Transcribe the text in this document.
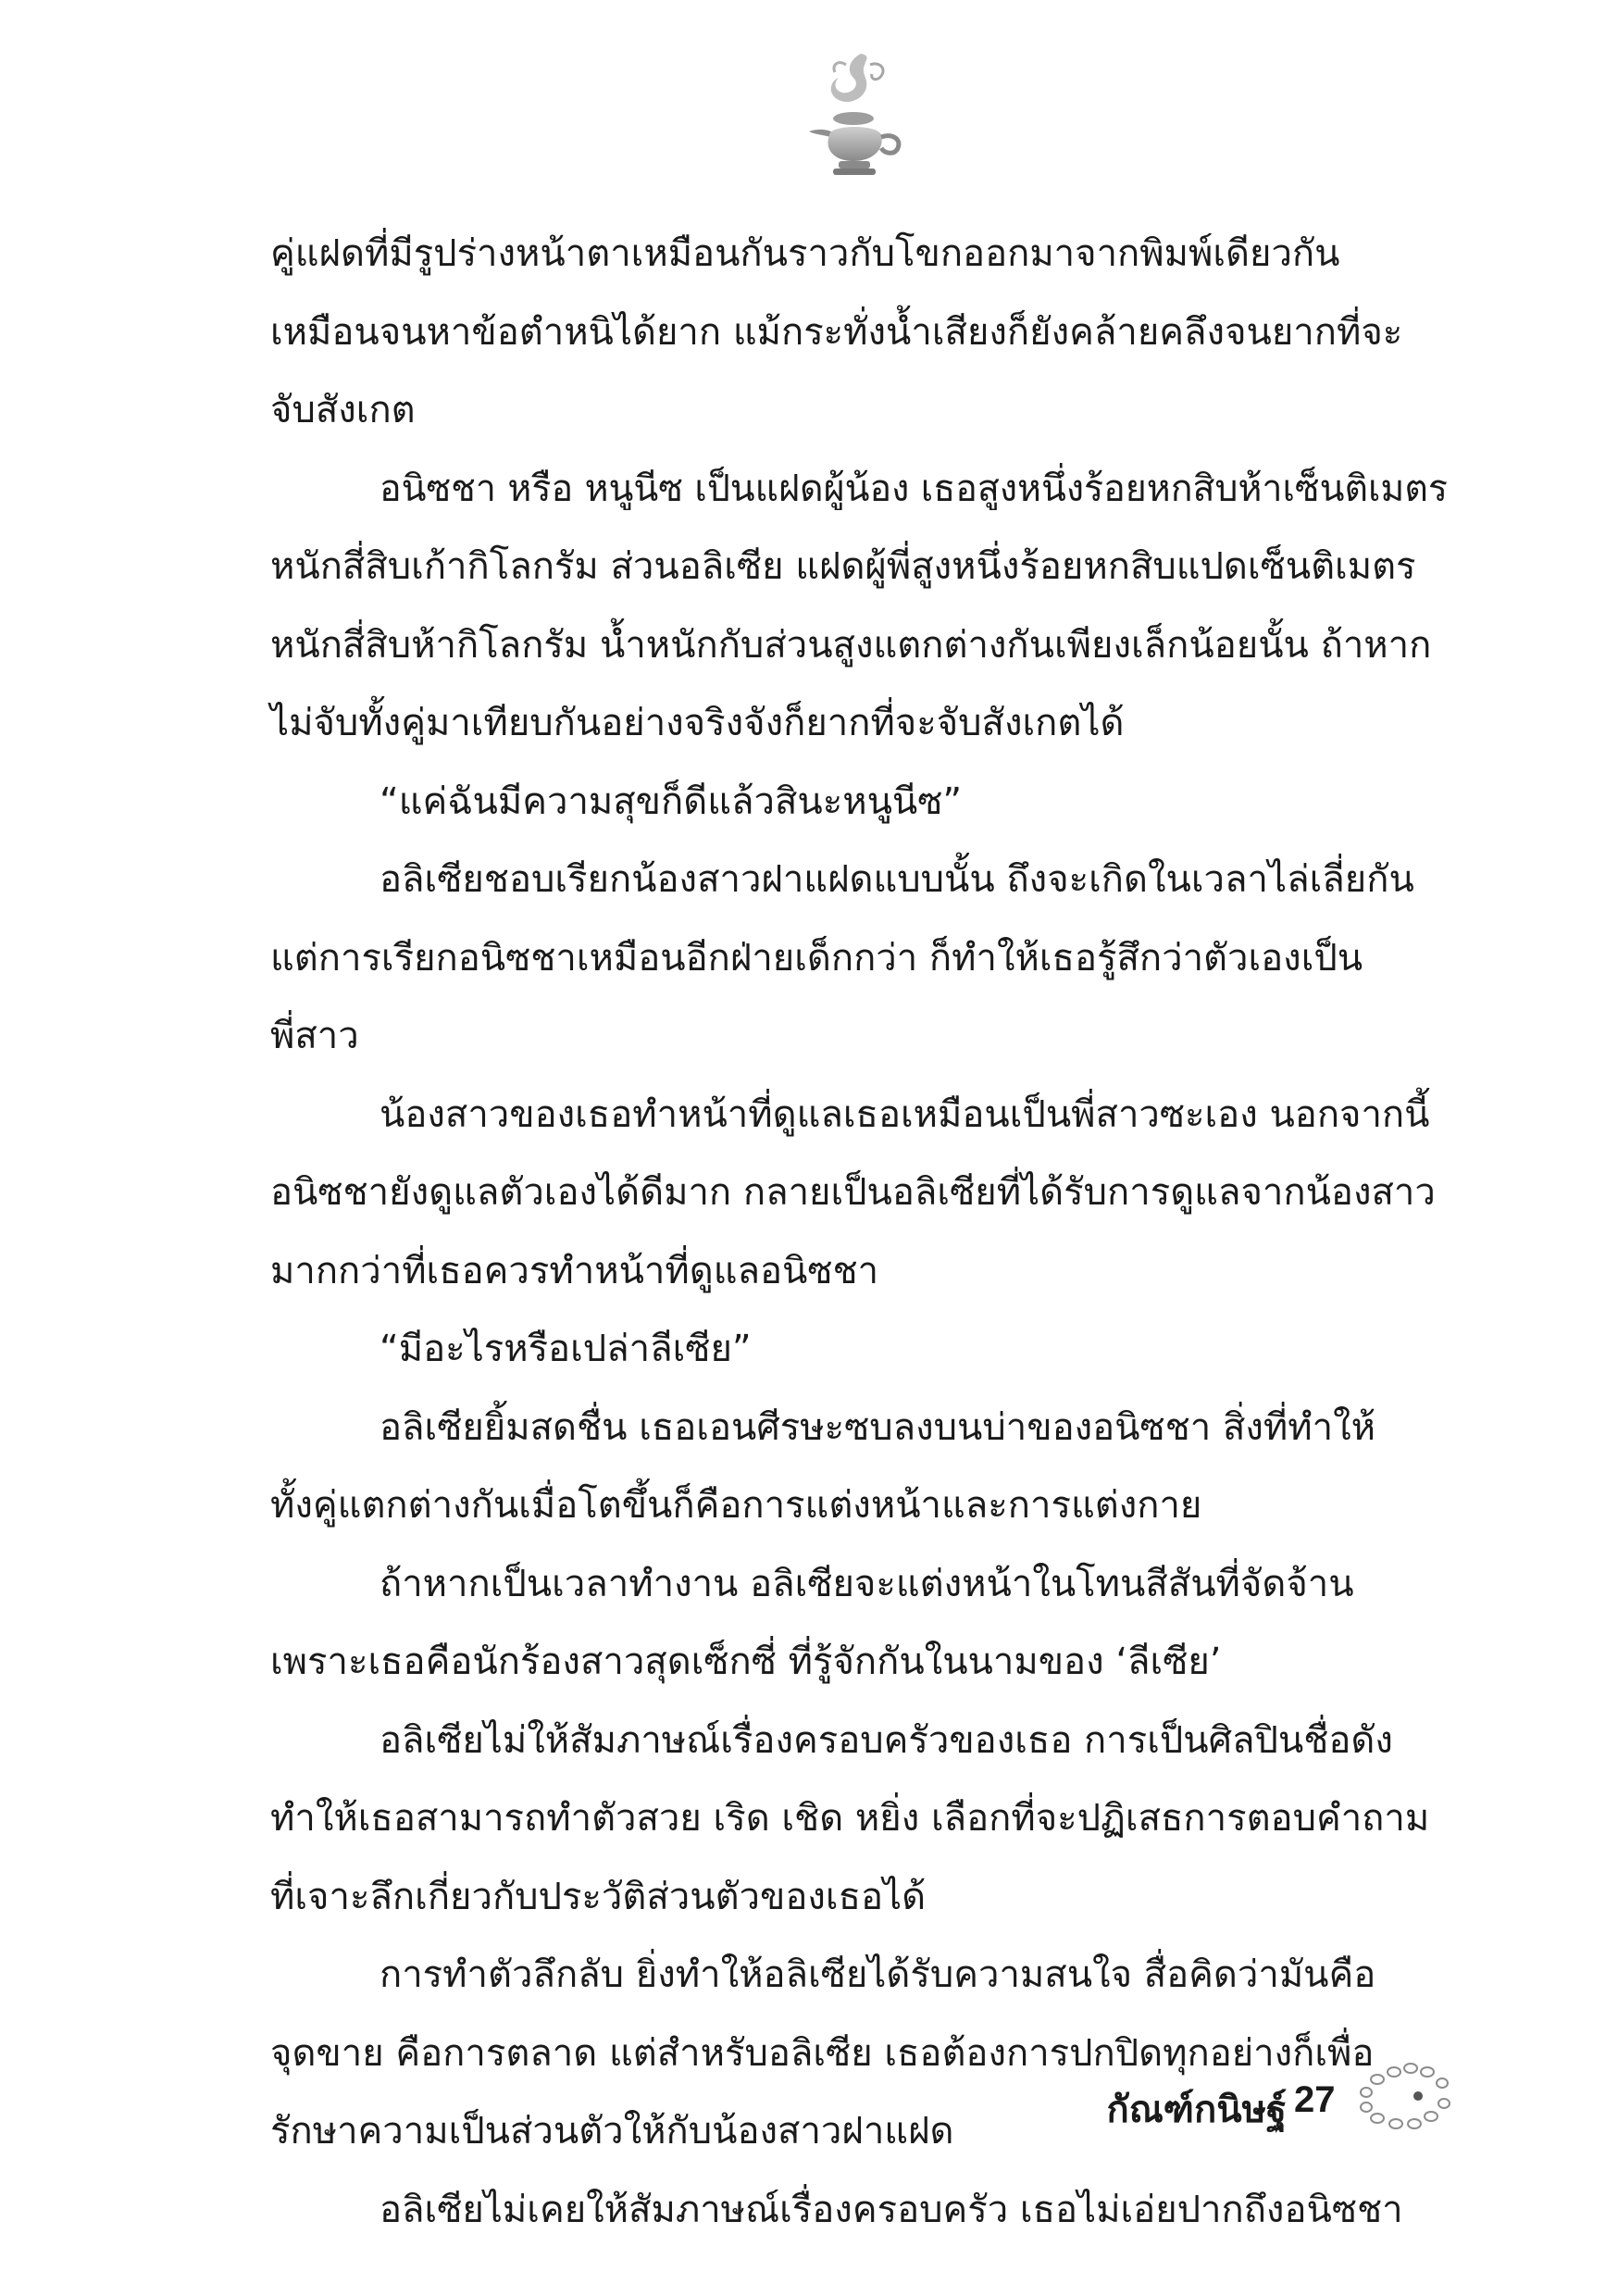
คู่แฝดที่มีรูปร่างหน้าตาเหมือนกันราวกับโขกออกมาจากพิมพ์เดียวกัน
เหมือนจนหาข้อตำหนิได้ยาก แม้กระทั่งน้ำเสียงก็ยังคล้ายคลึงจนยากที่จะ
จับสังเกต

อนิซชา หรือ หนูนีซ เป็นแฝดผู้น้อง เธอสูงหนึ่งร้อยหกสิบห้าเซ็นติเมตร
หนักสี่สิบเก้ากิโลกรัม ส่วนอลิเซีย แฝดผู้พี่สูงหนึ่งร้อยหกสิบแปดเซ็นติเมตร
หนักสี่สิบห้ากิโลกรัม น้ำหนักกับส่วนสูงแตกต่างกันเพียงเล็กน้อยนั้น ถ้าหาก
ไม่จับทั้งคู่มาเทียบกันอย่างจริงจังก็ยากที่จะจับสังเกตได้

“แค่ฉันมีความสุขก็ดีแล้วสินะหนูนีซ”

อลิเซียชอบเรียกน้องสาวฝาแฝดแบบนั้น ถึงจะเกิดในเวลาไล่เลี่ยกัน
แต่การเรียกอนิซชาเหมือนอีกฝ่ายเด็กกว่า ก็ทำให้เธอรู้สึกว่าตัวเองเป็น
พี่สาว

น้องสาวของเธอทำหน้าที่ดูแลเธอเหมือนเป็นพี่สาวซะเอง นอกจากนี้
อนิซชายังดูแลตัวเองได้ดีมาก กลายเป็นอลิเซียที่ได้รับการดูแลจากน้องสาว
มากกว่าที่เธอควรทำหน้าที่ดูแลอนิซชา

“มีอะไรหรือเปล่าลีเซีย”

อลิเซียยิ้มสดชื่น เธอเอนศีรษะซบลงบนบ่าของอนิซชา สิ่งที่ทำให้
ทั้งคู่แตกต่างกันเมื่อโตขึ้นก็คือการแต่งหน้าและการแต่งกาย

ถ้าหากเป็นเวลาทำงาน อลิเซียจะแต่งหน้าในโทนสีสันที่จัดจ้าน
เพราะเธอคือนักร้องสาวสุดเซ็กซี่ ที่รู้จักกันในนามของ ‘ลีเซีย’

อลิเซียไม่ให้สัมภาษณ์เรื่องครอบครัวของเธอ การเป็นศิลปินชื่อดัง
ทำให้เธอสามารถทำตัวสวย เริด เชิด หยิ่ง เลือกที่จะปฏิเสธการตอบคำถาม
ที่เจาะลึกเกี่ยวกับประวัติส่วนตัวของเธอได้

การทำตัวลึกลับ ยิ่งทำให้อลิเซียได้รับความสนใจ สื่อคิดว่ามันคือ
จุดขาย คือการตลาด แต่สำหรับอลิเซีย เธอต้องการปกปิดทุกอย่างก็เพื่อ
รักษาความเป็นส่วนตัวให้กับน้องสาวฝาแฝด

อลิเซียไม่เคยให้สัมภาษณ์เรื่องครอบครัว เธอไม่เอ่ยปากถึงอนิซชา

กัณฑ์กนิษฐ์ 27
